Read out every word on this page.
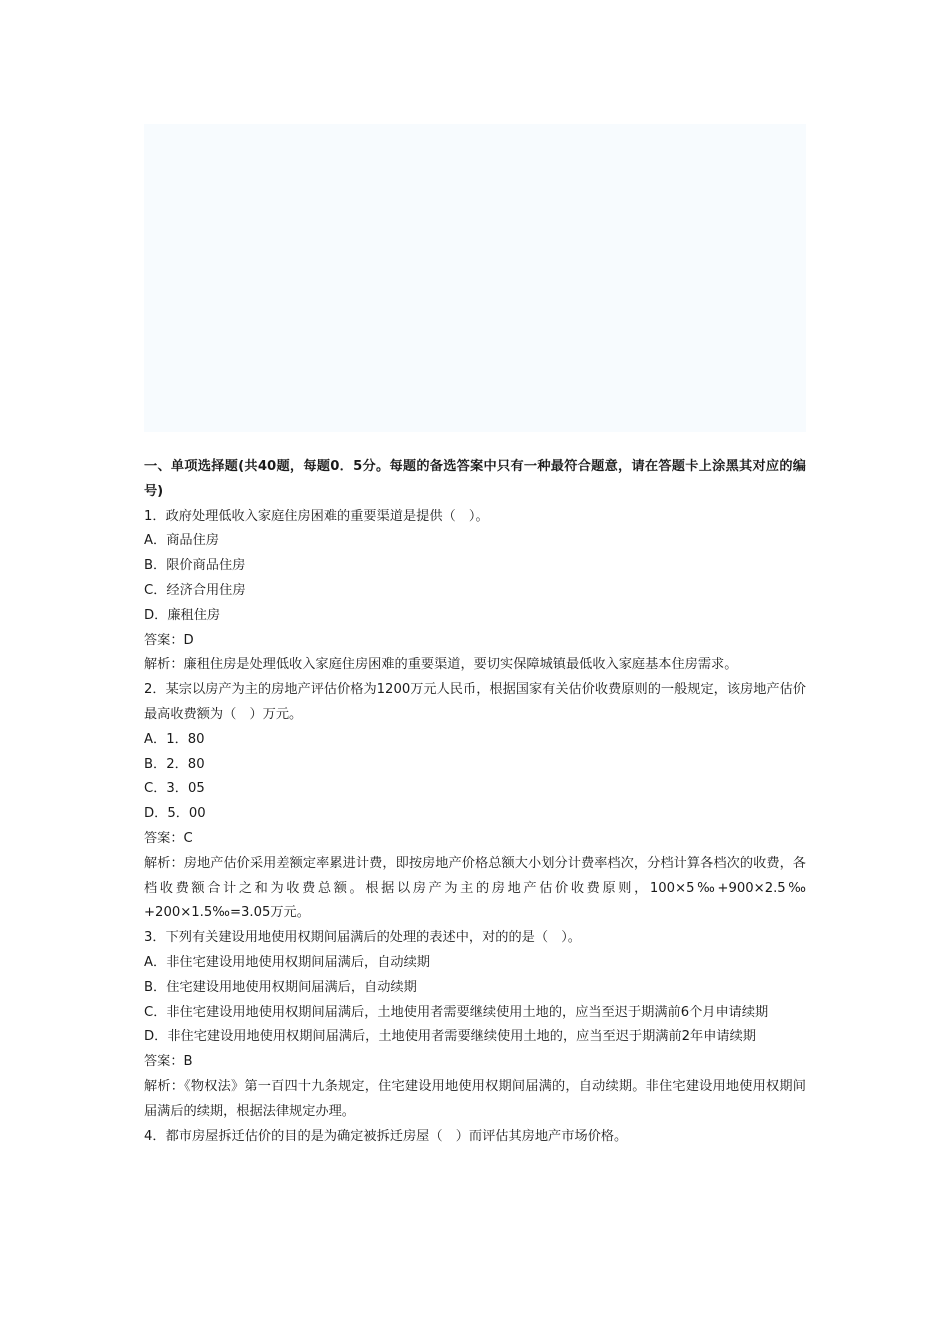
一、单项选择题(共40题，每题0．5分。每题的备选答案中只有一种最符合题意，请在答题卡上涂黑其对应的编号)

1．政府处理低收入家庭住房困难的重要渠道是提供（　）。

A．商品住房

B．限价商品住房

C．经济合用住房

D．廉租住房

答案：D

解析：廉租住房是处理低收入家庭住房困难的重要渠道，要切实保障城镇最低收入家庭基本住房需求。

2．某宗以房产为主的房地产评估价格为1200万元人民币，根据国家有关估价收费原则的一般规定，该房地产估价最高收费额为（　）万元。

A．1．80

B．2．80

C．3．05

D．5．00

答案：C

解析：房地产估价采用差额定率累进计费，即按房地产价格总额大小划分计费率档次，分档计算各档次的收费，各档收费额合计之和为收费总额。根据以房产为主的房地产估价收费原则，100×5‰+900×2.5‰+200×1.5‰=3.05万元。

3．下列有关建设用地使用权期间届满后的处理的表述中，对的的是（　）。

A．非住宅建设用地使用权期间届满后，自动续期

B．住宅建设用地使用权期间届满后，自动续期

C．非住宅建设用地使用权期间届满后，土地使用者需要继续使用土地的，应当至迟于期满前6个月申请续期

D．非住宅建设用地使用权期间届满后，土地使用者需要继续使用土地的，应当至迟于期满前2年申请续期

答案：B

解析：《物权法》第一百四十九条规定，住宅建设用地使用权期间届满的，自动续期。非住宅建设用地使用权期间届满后的续期，根据法律规定办理。

4．都市房屋拆迁估价的目的是为确定被拆迁房屋（　）而评估其房地产市场价格。
